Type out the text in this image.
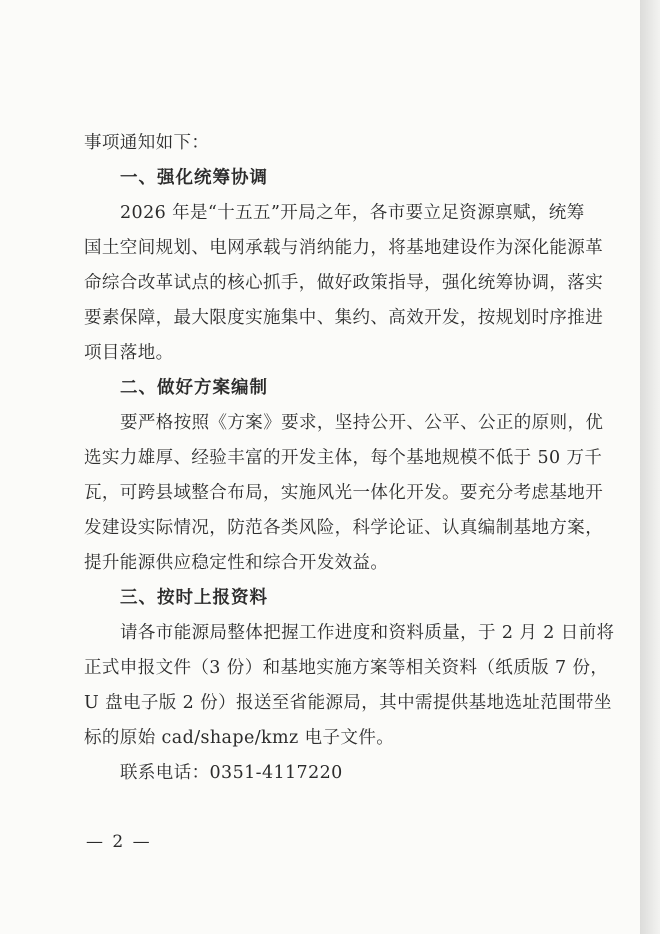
事项通知如下：
一、强化统筹协调
2026 年是“十五五”开局之年，各市要立足资源禀赋，统筹
国土空间规划、电网承载与消纳能力，将基地建设作为深化能源革
命综合改革试点的核心抓手，做好政策指导，强化统筹协调，落实
要素保障，最大限度实施集中、集约、高效开发，按规划时序推进
项目落地。
二、做好方案编制
要严格按照《方案》要求，坚持公开、公平、公正的原则，优
选实力雄厚、经验丰富的开发主体，每个基地规模不低于 50 万千
瓦，可跨县域整合布局，实施风光一体化开发。要充分考虑基地开
发建设实际情况，防范各类风险，科学论证、认真编制基地方案，
提升能源供应稳定性和综合开发效益。
三、按时上报资料
请各市能源局整体把握工作进度和资料质量，于 2 月 2 日前将
正式申报文件（3 份）和基地实施方案等相关资料（纸质版 7 份，
U 盘电子版 2 份）报送至省能源局，其中需提供基地选址范围带坐
标的原始 cad/shape/kmz 电子文件。
联系电话：0351-4117220
— 2 —
